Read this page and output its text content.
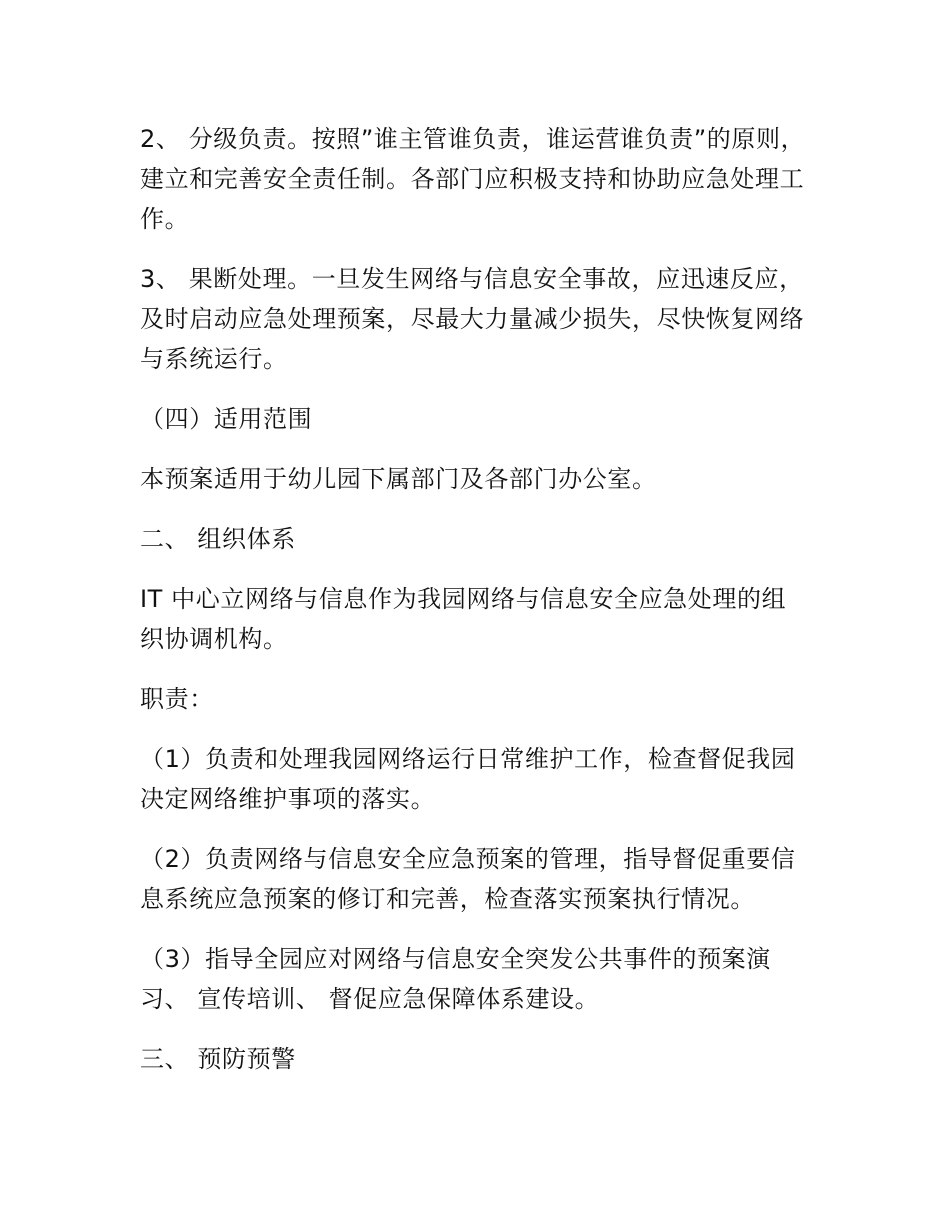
2、 分级负责。按照”谁主管谁负责，谁运营谁负责”的原则，建立和完善安全责任制。各部门应积极支持和协助应急处理工作。

3、 果断处理。一旦发生网络与信息安全事故，应迅速反应，及时启动应急处理预案，尽最大力量减少损失，尽快恢复网络与系统运行。

（四）适用范围

本预案适用于幼儿园下属部门及各部门办公室。

二、 组织体系

IT 中心立网络与信息作为我园网络与信息安全应急处理的组织协调机构。

职责：

（1）负责和处理我园网络运行日常维护工作，检查督促我园决定网络维护事项的落实。

（2）负责网络与信息安全应急预案的管理，指导督促重要信息系统应急预案的修订和完善，检查落实预案执行情况。

（3）指导全园应对网络与信息安全突发公共事件的预案演习、 宣传培训、 督促应急保障体系建设。

三、 预防预警
